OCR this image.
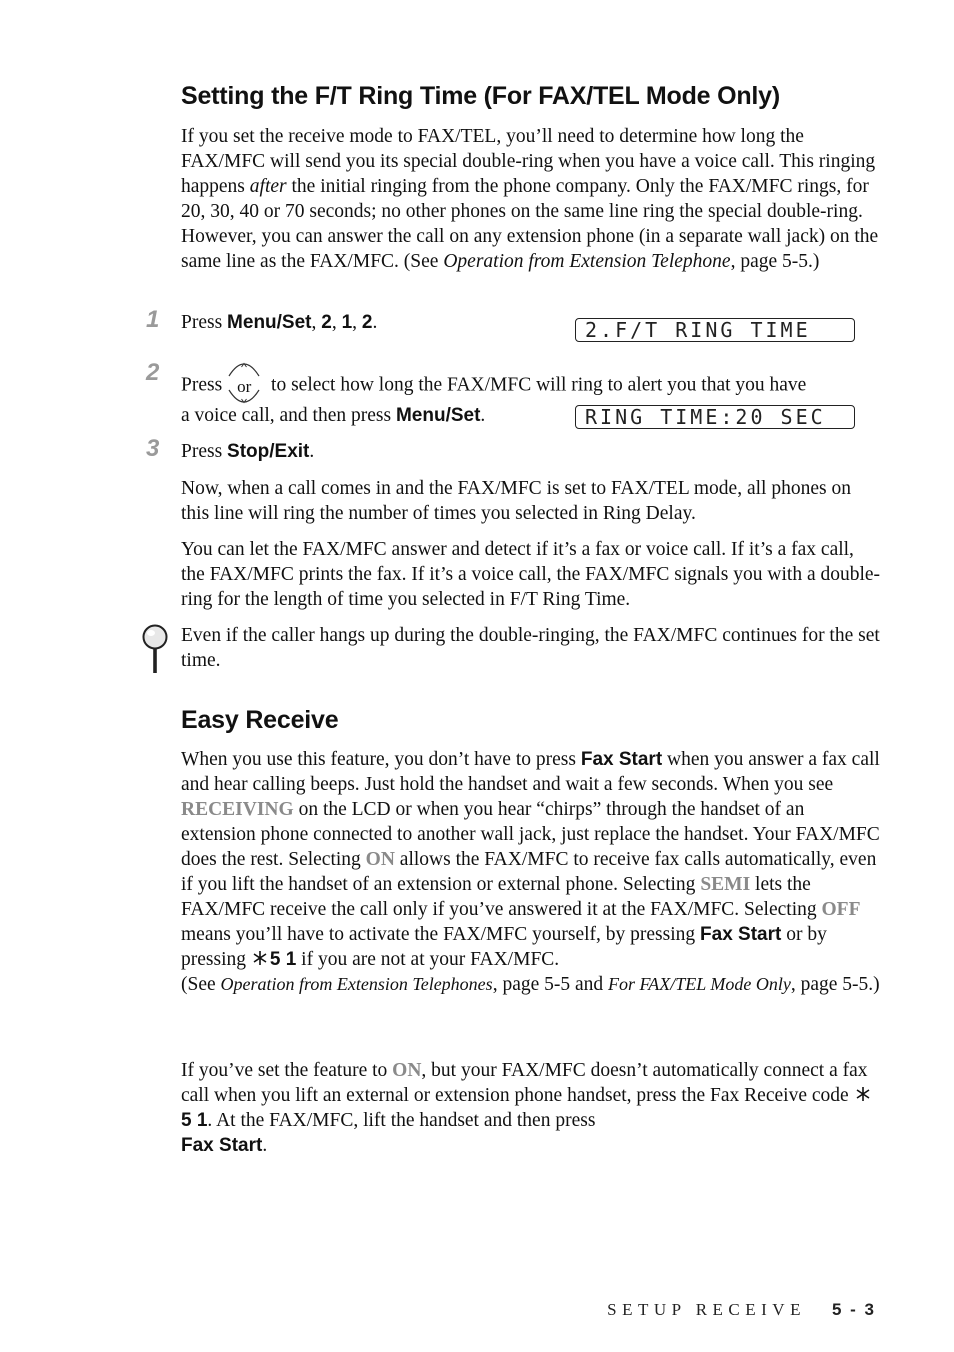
Setting the F/T Ring Time (For FAX/TEL Mode Only)

If you set the receive mode to FAX/TEL, you’ll need to determine how long the FAX/MFC will send you its special double-ring when you have a voice call. This ringing happens after the initial ringing from the phone company. Only the FAX/MFC rings, for 20, 30, 40 or 70 seconds; no other phones on the same line ring the special double-ring. However, you can answer the call on any extension phone (in a separate wall jack) on the same line as the FAX/MFC. (See Operation from Extension Telephone, page 5-5.)

1 Press Menu/Set, 2, 1, 2.	2.F/T RING TIME
2 Press or	to select how long the FAX/MFC will ring to alert you that you have

a voice call, and then press Menu/Set.	RING TIME:20 SEC
3 Press Stop/Exit.

Now, when a call comes in and the FAX/MFC is set to FAX/TEL mode, all phones on this line will ring the number of times you selected in Ring Delay.

You can let the FAX/MFC answer and detect if it’s a fax or voice call. If it’s a fax call, the FAX/MFC prints the fax. If it’s a voice call, the FAX/MFC signals you with a double-ring for the length of time you selected in F/T Ring Time.

Even if the caller hangs up during the double-ringing, the FAX/MFC continues for the set time.

Easy Receive

When you use this feature, you don’t have to press Fax Start when you answer a fax call and hear calling beeps. Just hold the handset and wait a few seconds. When you see RECEIVING on the LCD or when you hear “chirps” through the handset of an extension phone connected to another wall jack, just replace the handset. Your FAX/MFC does the rest. Selecting ON allows the FAX/MFC to receive fax calls automatically, even if you lift the handset of an extension or external phone. Selecting SEMI lets the FAX/MFC receive the call only if you’ve answered it at the FAX/MFC. Selecting OFF means you’ll have to activate the FAX/MFC yourself, by pressing Fax Start or by pressing 5 1 if you are not at your FAX/MFC.
(See Operation from Extension Telephones, page 5-5 and For FAX/TEL Mode Only, page 5-5.)

If you’ve set the feature to ON, but your FAX/MFC doesn’t automatically connect a fax call when you lift an external or extension phone handset, press the Fax Receive code 5 1. At the FAX/MFC, lift the handset and then press
Fax Start.

SETUP RECEIVE 5 - 3
